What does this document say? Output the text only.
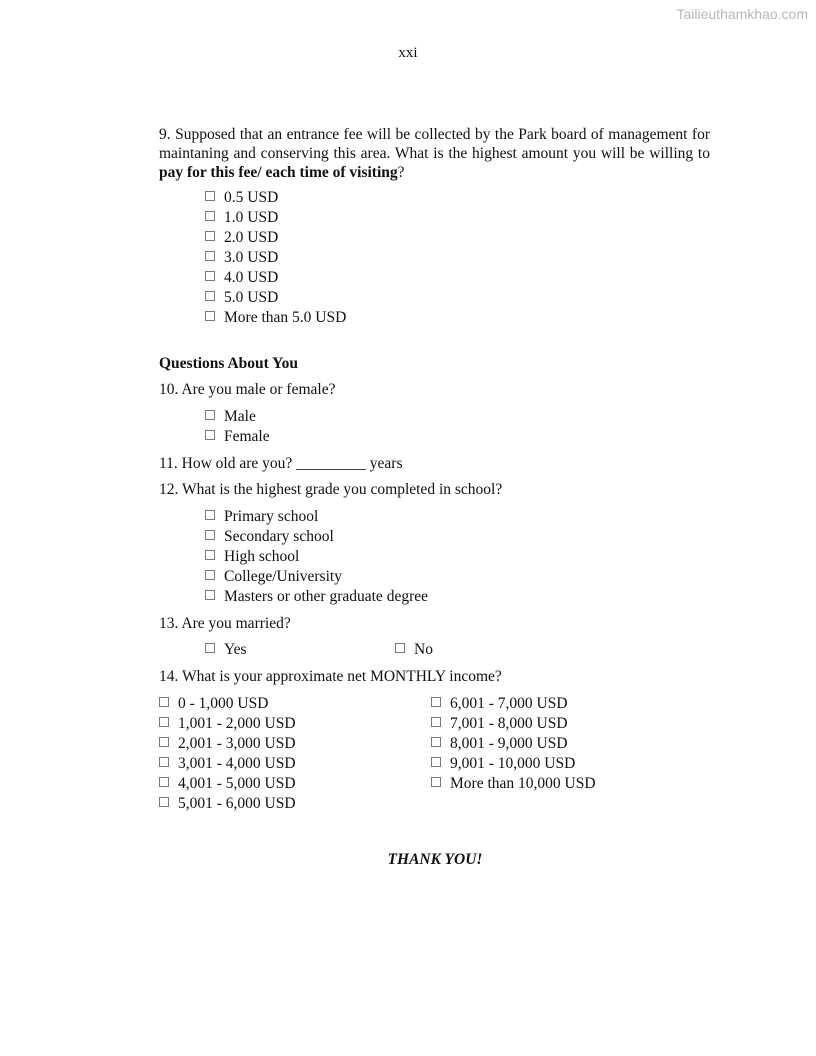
Tailieuthamkhao.com
xxi
9. Supposed that an entrance fee will be collected by the Park board of management for maintaning and conserving this area. What is the highest amount you will be willing to pay for this fee/ each time of visiting?
0.5 USD
1.0 USD
2.0 USD
3.0 USD
4.0 USD
5.0 USD
More than 5.0 USD
Questions About You
10. Are you male or female?
Male
Female
11. How old are you? _________ years
12. What is the highest grade you completed in school?
Primary school
Secondary school
High school
College/University
Masters or other graduate degree
13. Are you married?
Yes	No
14. What is your approximate net MONTHLY income?
0 - 1,000 USD
1,001 - 2,000 USD
2,001 - 3,000 USD
3,001 - 4,000 USD
4,001 - 5,000 USD
5,001 - 6,000 USD
6,001 - 7,000 USD
7,001 - 8,000 USD
8,001 - 9,000 USD
9,001 - 10,000 USD
More than 10,000 USD
THANK YOU!
